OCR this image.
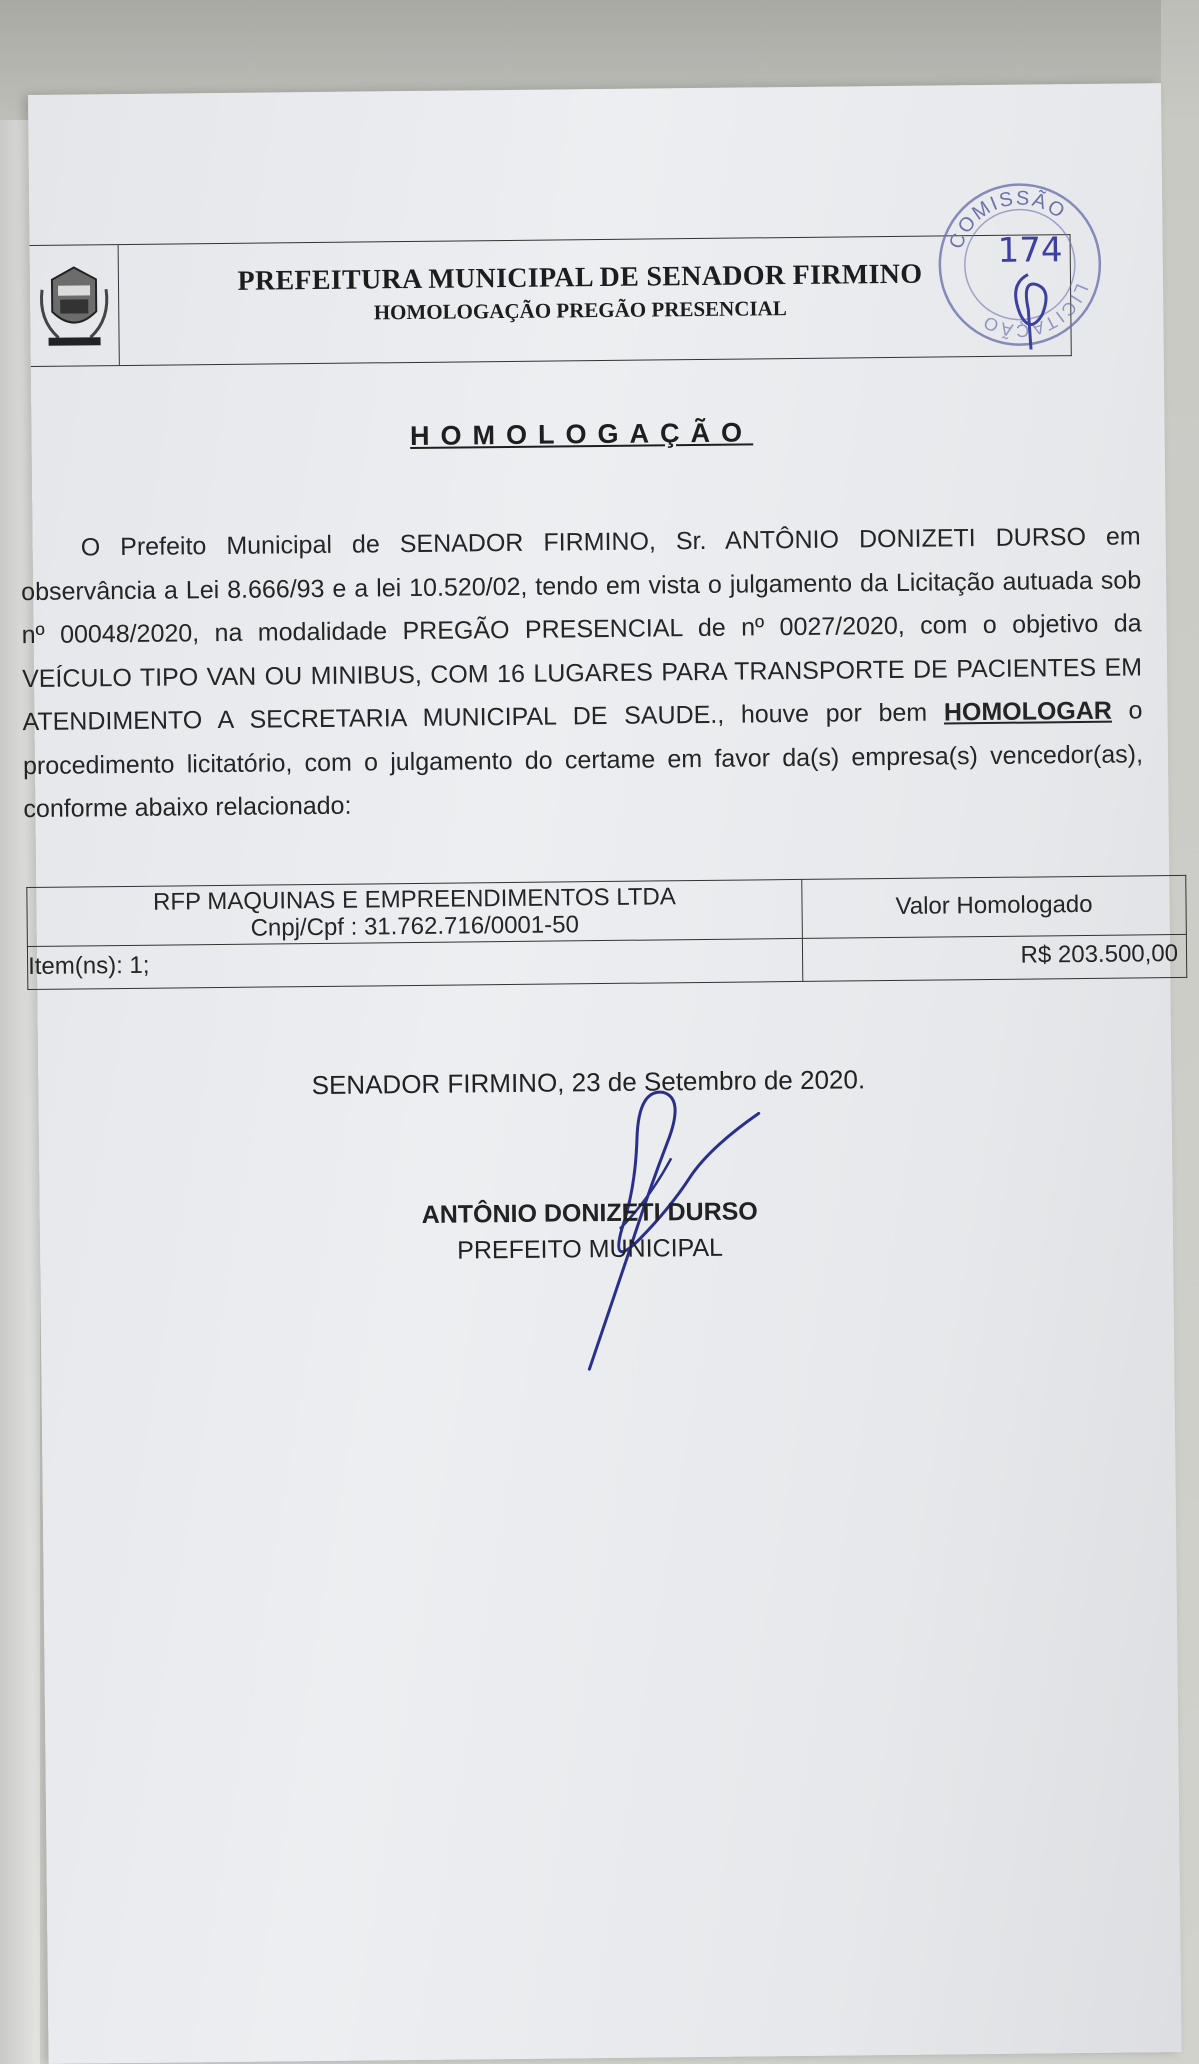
PREFEITURA MUNICIPAL DE SENADOR FIRMINO
HOMOLOGAÇÃO PREGÃO PRESENCIAL
COMISSÃO
LICITAÇÃO
174
HOMOLOGAÇÃO

O Prefeito Municipal de SENADOR FIRMINO, Sr. ANTÔNIO DONIZETI DURSO em observância a Lei 8.666/93 e a lei 10.520/02, tendo em vista o julgamento da Licitação autuada sob nº 00048/2020, na modalidade PREGÃO PRESENCIAL de nº 0027/2020, com o objetivo da VEÍCULO TIPO VAN OU MINIBUS, COM 16 LUGARES PARA TRANSPORTE DE PACIENTES EM ATENDIMENTO A SECRETARIA MUNICIPAL DE SAUDE., houve por bem HOMOLOGAR o procedimento licitatório, com o julgamento do certame em favor da(s) empresa(s) vencedor(as), conforme abaixo relacionado:

RFP MAQUINAS E EMPREENDIMENTOS LTDA
Cnpj/Cpf : 31.762.716/0001-50	Valor Homologado
Item(ns): 1;	R$ 203.500,00
SENADOR FIRMINO, 23 de Setembro de 2020.
ANTÔNIO DONIZETI DURSO
PREFEITO MUNICIPAL
